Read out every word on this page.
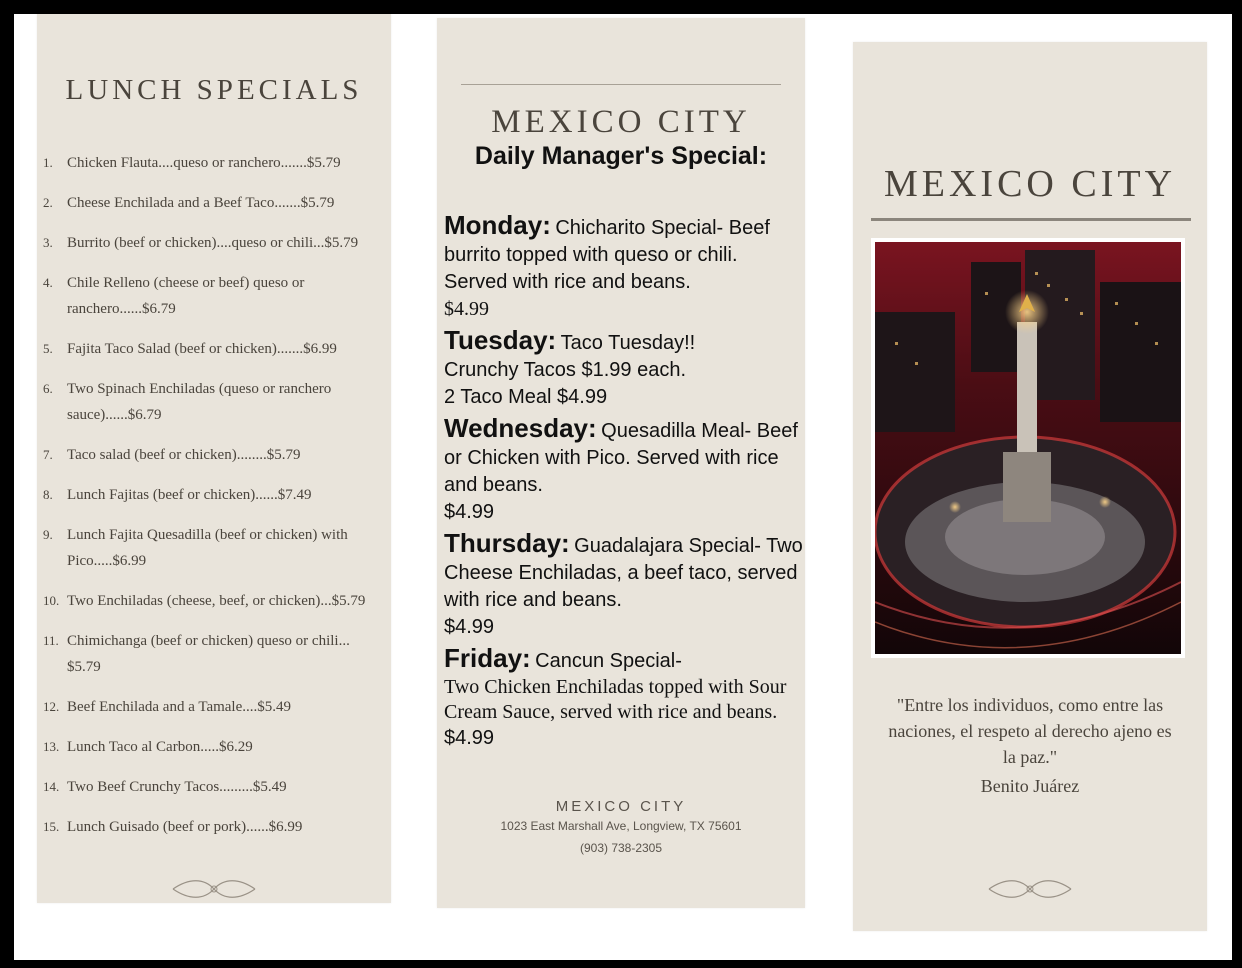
LUNCH SPECIALS
1. Chicken Flauta....queso or ranchero.......$5.79
2. Cheese Enchilada and a Beef Taco.......$5.79
3. Burrito (beef or chicken)....queso or chili...$5.79
4. Chile Relleno (cheese or beef) queso or ranchero......$6.79
5. Fajita Taco Salad (beef or chicken).......$6.99
6. Two Spinach Enchiladas (queso or ranchero sauce)......$6.79
7. Taco salad (beef or chicken)........$5.79
8. Lunch Fajitas (beef or chicken)......$7.49
9. Lunch Fajita Quesadilla (beef or chicken) with Pico.....$6.99
10. Two Enchiladas (cheese, beef, or chicken)...$5.79
11. Chimichanga (beef or chicken) queso or chili... $5.79
12. Beef Enchilada and a Tamale....$5.49
13. Lunch Taco al Carbon.....$6.29
14. Two Beef Crunchy Tacos.........$5.49
15. Lunch Guisado (beef or pork)......$6.99
MEXICO CITY
Daily Manager's Special:
Monday: Chicharito Special- Beef burrito topped with queso or chili. Served with rice and beans.
$4.99
Tuesday: Taco Tuesday!!
Crunchy Tacos $1.99 each.
2 Taco Meal $4.99
Wednesday: Quesadilla Meal- Beef or Chicken with Pico. Served with rice and beans.
$4.99
Thursday: Guadalajara Special- Two Cheese Enchiladas, a beef taco, served with rice and beans.
$4.99
Friday: Cancun Special-
Two Chicken Enchiladas topped with Sour Cream Sauce, served with rice and beans.
$4.99
MEXICO CITY
1023 East Marshall Ave, Longview, TX 75601
(903) 738-2305
MEXICO CITY
"Entre los individuos, como entre las naciones, el respeto al derecho ajeno es la paz."
Benito Juárez
